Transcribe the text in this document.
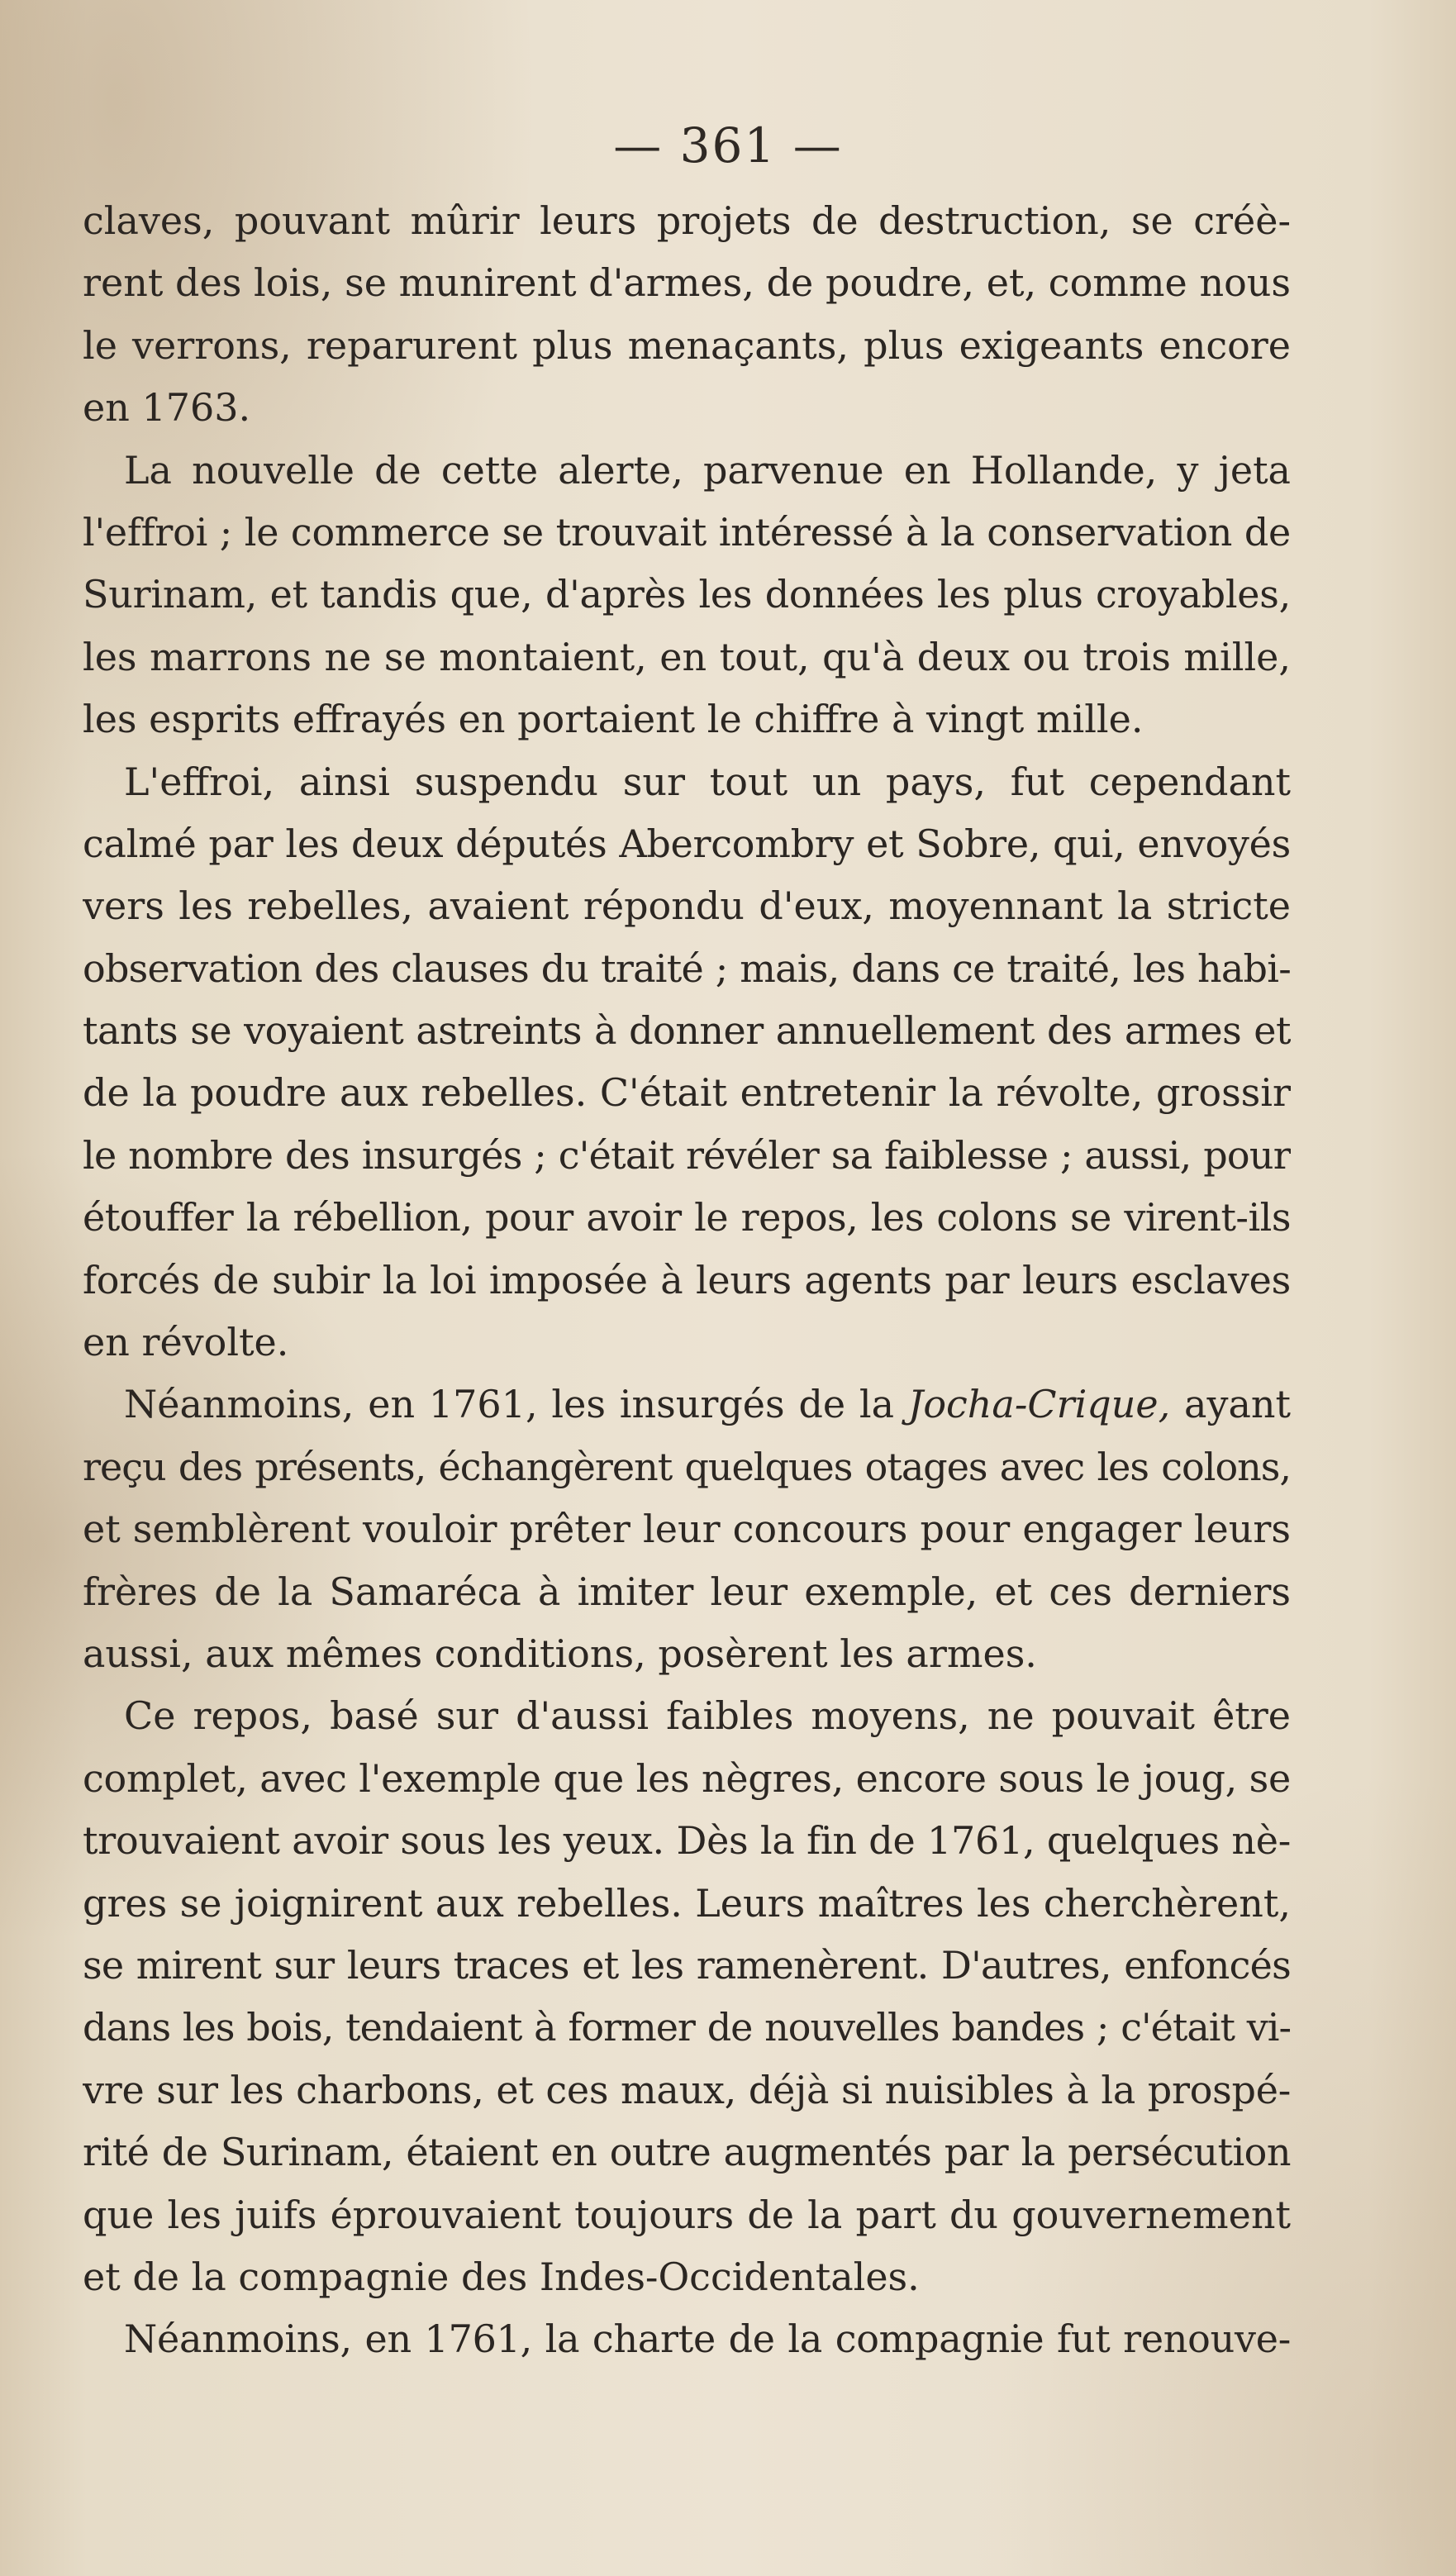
— 361 —
claves, pouvant mûrir leurs projets de destruction, se créè-
rent des lois, se munirent d'armes, de poudre, et, comme nous
le verrons, reparurent plus menaçants, plus exigeants encore
en 1763.
La nouvelle de cette alerte, parvenue en Hollande, y jeta
l'effroi ; le commerce se trouvait intéressé à la conservation de
Surinam, et tandis que, d'après les données les plus croyables,
les marrons ne se montaient, en tout, qu'à deux ou trois mille,
les esprits effrayés en portaient le chiffre à vingt mille.
L'effroi, ainsi suspendu sur tout un pays, fut cependant
calmé par les deux députés Abercombry et Sobre, qui, envoyés
vers les rebelles, avaient répondu d'eux, moyennant la stricte
observation des clauses du traité ; mais, dans ce traité, les habi-
tants se voyaient astreints à donner annuellement des armes et
de la poudre aux rebelles. C'était entretenir la révolte, grossir
le nombre des insurgés ; c'était révéler sa faiblesse ; aussi, pour
étouffer la rébellion, pour avoir le repos, les colons se virent-ils
forcés de subir la loi imposée à leurs agents par leurs esclaves
en révolte.
Néanmoins, en 1761, les insurgés de la Jocha-Crique, ayant
reçu des présents, échangèrent quelques otages avec les colons,
et semblèrent vouloir prêter leur concours pour engager leurs
frères de la Samaréca à imiter leur exemple, et ces derniers
aussi, aux mêmes conditions, posèrent les armes.
Ce repos, basé sur d'aussi faibles moyens, ne pouvait être
complet, avec l'exemple que les nègres, encore sous le joug, se
trouvaient avoir sous les yeux. Dès la fin de 1761, quelques nè-
gres se joignirent aux rebelles. Leurs maîtres les cherchèrent,
se mirent sur leurs traces et les ramenèrent. D'autres, enfoncés
dans les bois, tendaient à former de nouvelles bandes ; c'était vi-
vre sur les charbons, et ces maux, déjà si nuisibles à la prospé-
rité de Surinam, étaient en outre augmentés par la persécution
que les juifs éprouvaient toujours de la part du gouvernement
et de la compagnie des Indes-Occidentales.
Néanmoins, en 1761, la charte de la compagnie fut renouve-
